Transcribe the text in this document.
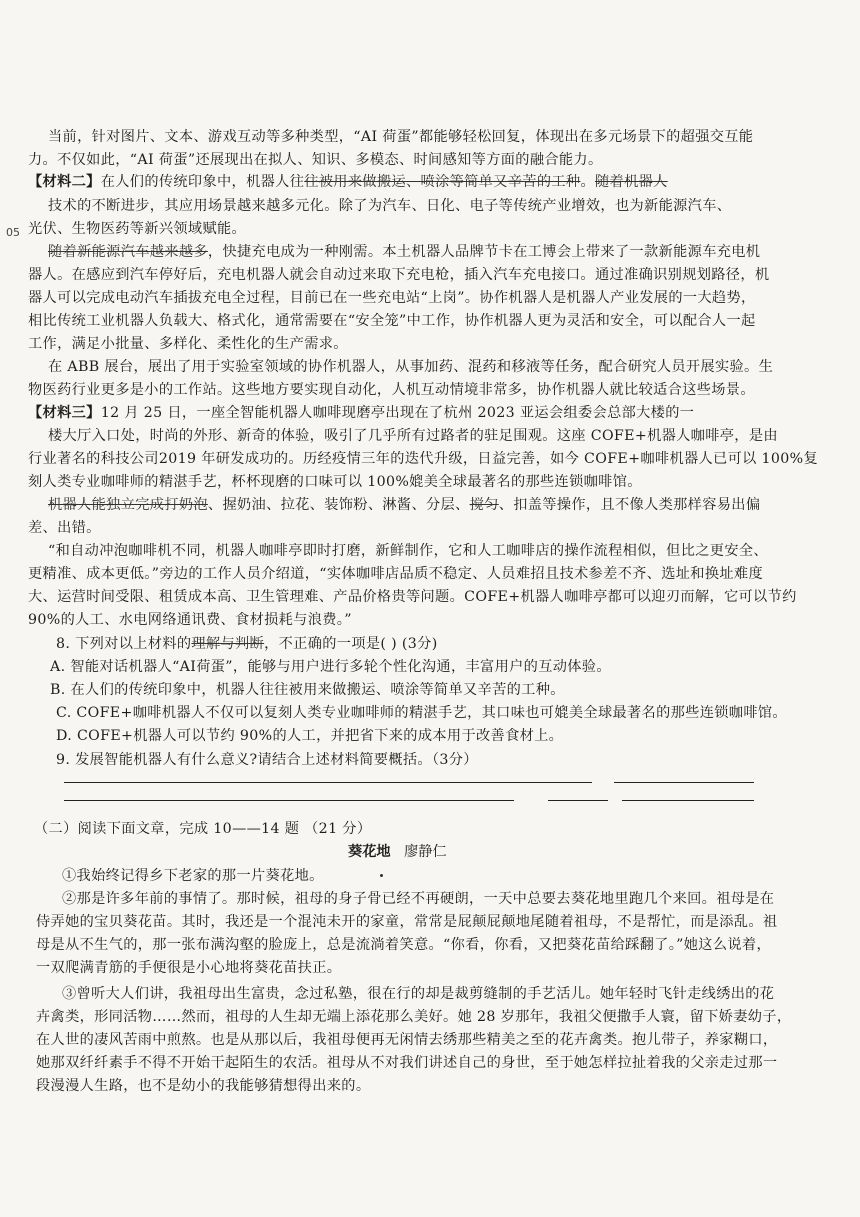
05
当前，针对图片、文本、游戏互动等多种类型，“AI 荷蛋”都能够轻松回复，体现出在多元场景下的超强交互能
力。不仅如此，“AI 荷蛋”还展现出在拟人、知识、多模态、时间感知等方面的融合能力。
【材料二】在人们的传统印象中，机器人往往被用来做搬运、喷涂等简单又辛苦的工种。随着机器人
技术的不断进步，其应用场景越来越多元化。除了为汽车、日化、电子等传统产业增效，也为新能源汽车、
光伏、生物医药等新兴领域赋能。
随着新能源汽车越来越多，快捷充电成为一种刚需。本土机器人品牌节卡在工博会上带来了一款新能源车充电机
器人。在感应到汽车停好后，充电机器人就会自动过来取下充电枪，插入汽车充电接口。通过准确识别规划路径，机
器人可以完成电动汽车插拔充电全过程，目前已在一些充电站“上岗”。协作机器人是机器人产业发展的一大趋势，
相比传统工业机器人负载大、格式化，通常需要在“安全笼”中工作，协作机器人更为灵活和安全，可以配合人一起
工作，满足小批量、多样化、柔性化的生产需求。
在 ABB 展台，展出了用于实验室领域的协作机器人，从事加药、混药和移液等任务，配合研究人员开展实验。生
物医药行业更多是小的工作站。这些地方要实现自动化，人机互动情境非常多，协作机器人就比较适合这些场景。
【材料三】12 月 25 日，一座全智能机器人咖啡现磨亭出现在了杭州 2023 亚运会组委会总部大楼的一
楼大厅入口处，时尚的外形、新奇的体验，吸引了几乎所有过路者的驻足围观。这座 COFE+机器人咖啡亭，是由
行业著名的科技公司2019 年研发成功的。历经疫情三年的迭代升级，日益完善，如今 COFE+咖啡机器人已可以 100%复
刻人类专业咖啡师的精湛手艺，杯杯现磨的口味可以 100%媲美全球最著名的那些连锁咖啡馆。
机器人能独立完成打奶泡、握奶油、拉花、装饰粉、淋酱、分层、搅匀、扣盖等操作，且不像人类那样容易出偏
差、出错。
“和自动冲泡咖啡机不同，机器人咖啡亭即时打磨，新鲜制作，它和人工咖啡店的操作流程相似，但比之更安全、
更精准、成本更低。”旁边的工作人员介绍道，“实体咖啡店品质不稳定、人员难招且技术参差不齐、选址和换址难度
大、运营时间受限、租赁成本高、卫生管理难、产品价格贵等问题。COFE+机器人咖啡亭都可以迎刃而解，它可以节约
90%的人工、水电网络通讯费、食材损耗与浪费。”
8. 下列对以上材料的理解与判断，不正确的一项是( ) (3分)
A. 智能对话机器人“AI荷蛋”，能够与用户进行多轮个性化沟通，丰富用户的互动体验。
B. 在人们的传统印象中，机器人往往被用来做搬运、喷涂等简单又辛苦的工种。
C. COFE+咖啡机器人不仅可以复刻人类专业咖啡师的精湛手艺，其口味也可媲美全球最著名的那些连锁咖啡馆。
D. COFE+机器人可以节约 90%的人工，并把省下来的成本用于改善食材上。
9. 发展智能机器人有什么意义?请结合上述材料简要概括。（3分）
（二）阅读下面文章，完成 10——14 题 （21 分）
葵花地 廖静仁
①我始终记得乡下老家的那一片葵花地。
②那是许多年前的事情了。那时候，祖母的身子骨已经不再硬朗，一天中总要去葵花地里跑几个来回。祖母是在
侍弄她的宝贝葵花苗。其时，我还是一个混沌未开的家童，常常是屁颠屁颠地尾随着祖母，不是帮忙，而是添乱。祖
母是从不生气的，那一张布满沟壑的脸庞上，总是流淌着笑意。“你看，你看，又把葵花苗给踩翻了。”她这么说着，
一双爬满青筋的手便很是小心地将葵花苗扶正。
③曾听大人们讲，我祖母出生富贵，念过私塾，很在行的却是裁剪缝制的手艺活儿。她年轻时飞针走线绣出的花
卉禽类，形同活物……然而，祖母的人生却无端上添花那么美好。她 28 岁那年，我祖父便撒手人寰，留下娇妻幼子，
在人世的凄风苦雨中煎熬。也是从那以后，我祖母便再无闲情去绣那些精美之至的花卉禽类。抱儿带子，养家糊口，
她那双纤纤素手不得不开始干起陌生的农活。祖母从不对我们讲述自己的身世，至于她怎样拉扯着我的父亲走过那一
段漫漫人生路，也不是幼小的我能够猜想得出来的。
